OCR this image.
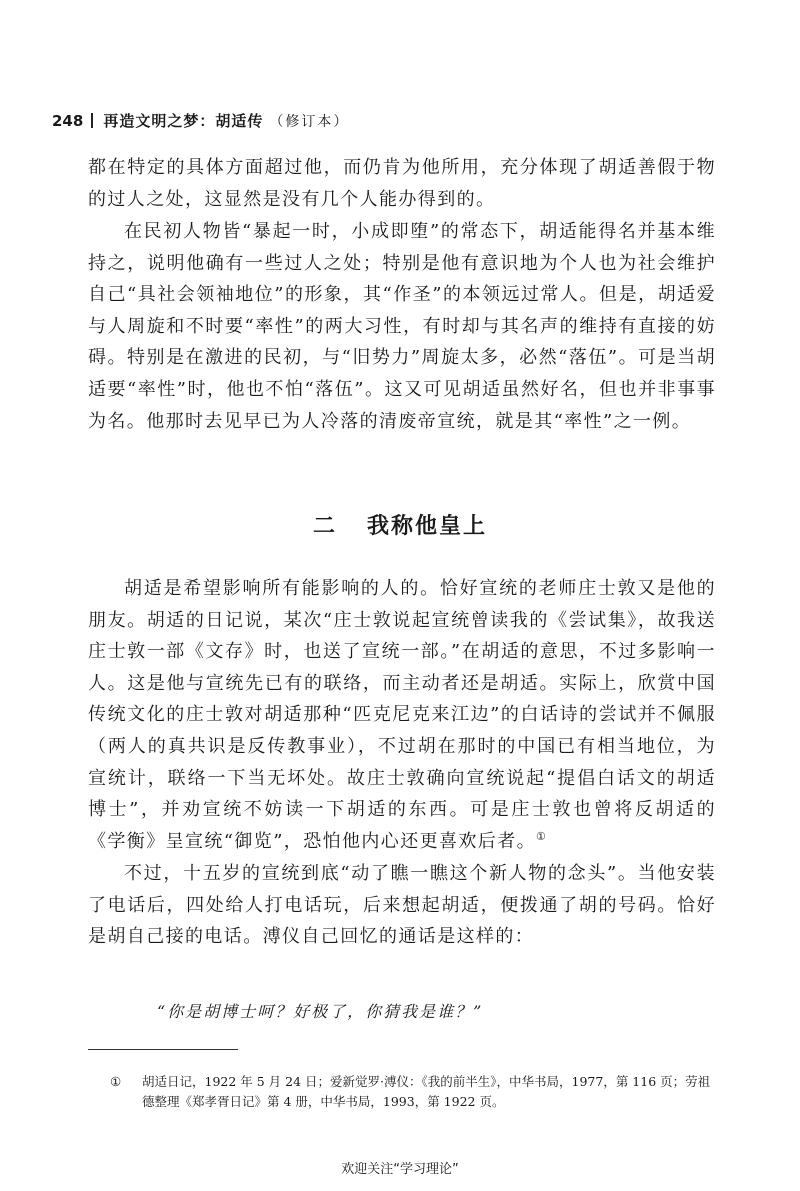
248 再造文明之梦：胡适传 （修订本）

都在特定的具体方面超过他，而仍肯为他所用，充分体现了胡适善假于物的过人之处，这显然是没有几个人能办得到的。

在民初人物皆“暴起一时，小成即堕”的常态下，胡适能得名并基本维持之，说明他确有一些过人之处；特别是他有意识地为个人也为社会维护自己“具社会领袖地位”的形象，其“作圣”的本领远过常人。但是，胡适爱与人周旋和不时要“率性”的两大习性，有时却与其名声的维持有直接的妨碍。特别是在激进的民初，与“旧势力”周旋太多，必然“落伍”。可是当胡适要“率性”时，他也不怕“落伍”。这又可见胡适虽然好名，但也并非事事为名。他那时去见早已为人冷落的清废帝宣统，就是其“率性”之一例。

二 我称他皇上

胡适是希望影响所有能影响的人的。恰好宣统的老师庄士敦又是他的朋友。胡适的日记说，某次“庄士敦说起宣统曾读我的《尝试集》，故我送庄士敦一部《文存》时，也送了宣统一部。”在胡适的意思，不过多影响一人。这是他与宣统先已有的联络，而主动者还是胡适。实际上，欣赏中国传统文化的庄士敦对胡适那种“匹克尼克来江边”的白话诗的尝试并不佩服（两人的真共识是反传教事业），不过胡在那时的中国已有相当地位，为宣统计，联络一下当无坏处。故庄士敦确向宣统说起“提倡白话文的胡适博士”，并劝宣统不妨读一下胡适的东西。可是庄士敦也曾将反胡适的《学衡》呈宣统“御览”，恐怕他内心还更喜欢后者。①

不过，十五岁的宣统到底“动了瞧一瞧这个新人物的念头”。当他安装了电话后，四处给人打电话玩，后来想起胡适，便拨通了胡的号码。恰好是胡自己接的电话。溥仪自己回忆的通话是这样的：

“你是胡博士呵？好极了，你猜我是谁？”
①	胡适日记，1922 年 5 月 24 日；爱新觉罗·溥仪：《我的前半生》，中华书局，1977，第 116 页；劳祖德整理《郑孝胥日记》第 4 册，中华书局，1993，第 1922 页。
欢迎关注“学习理论”
